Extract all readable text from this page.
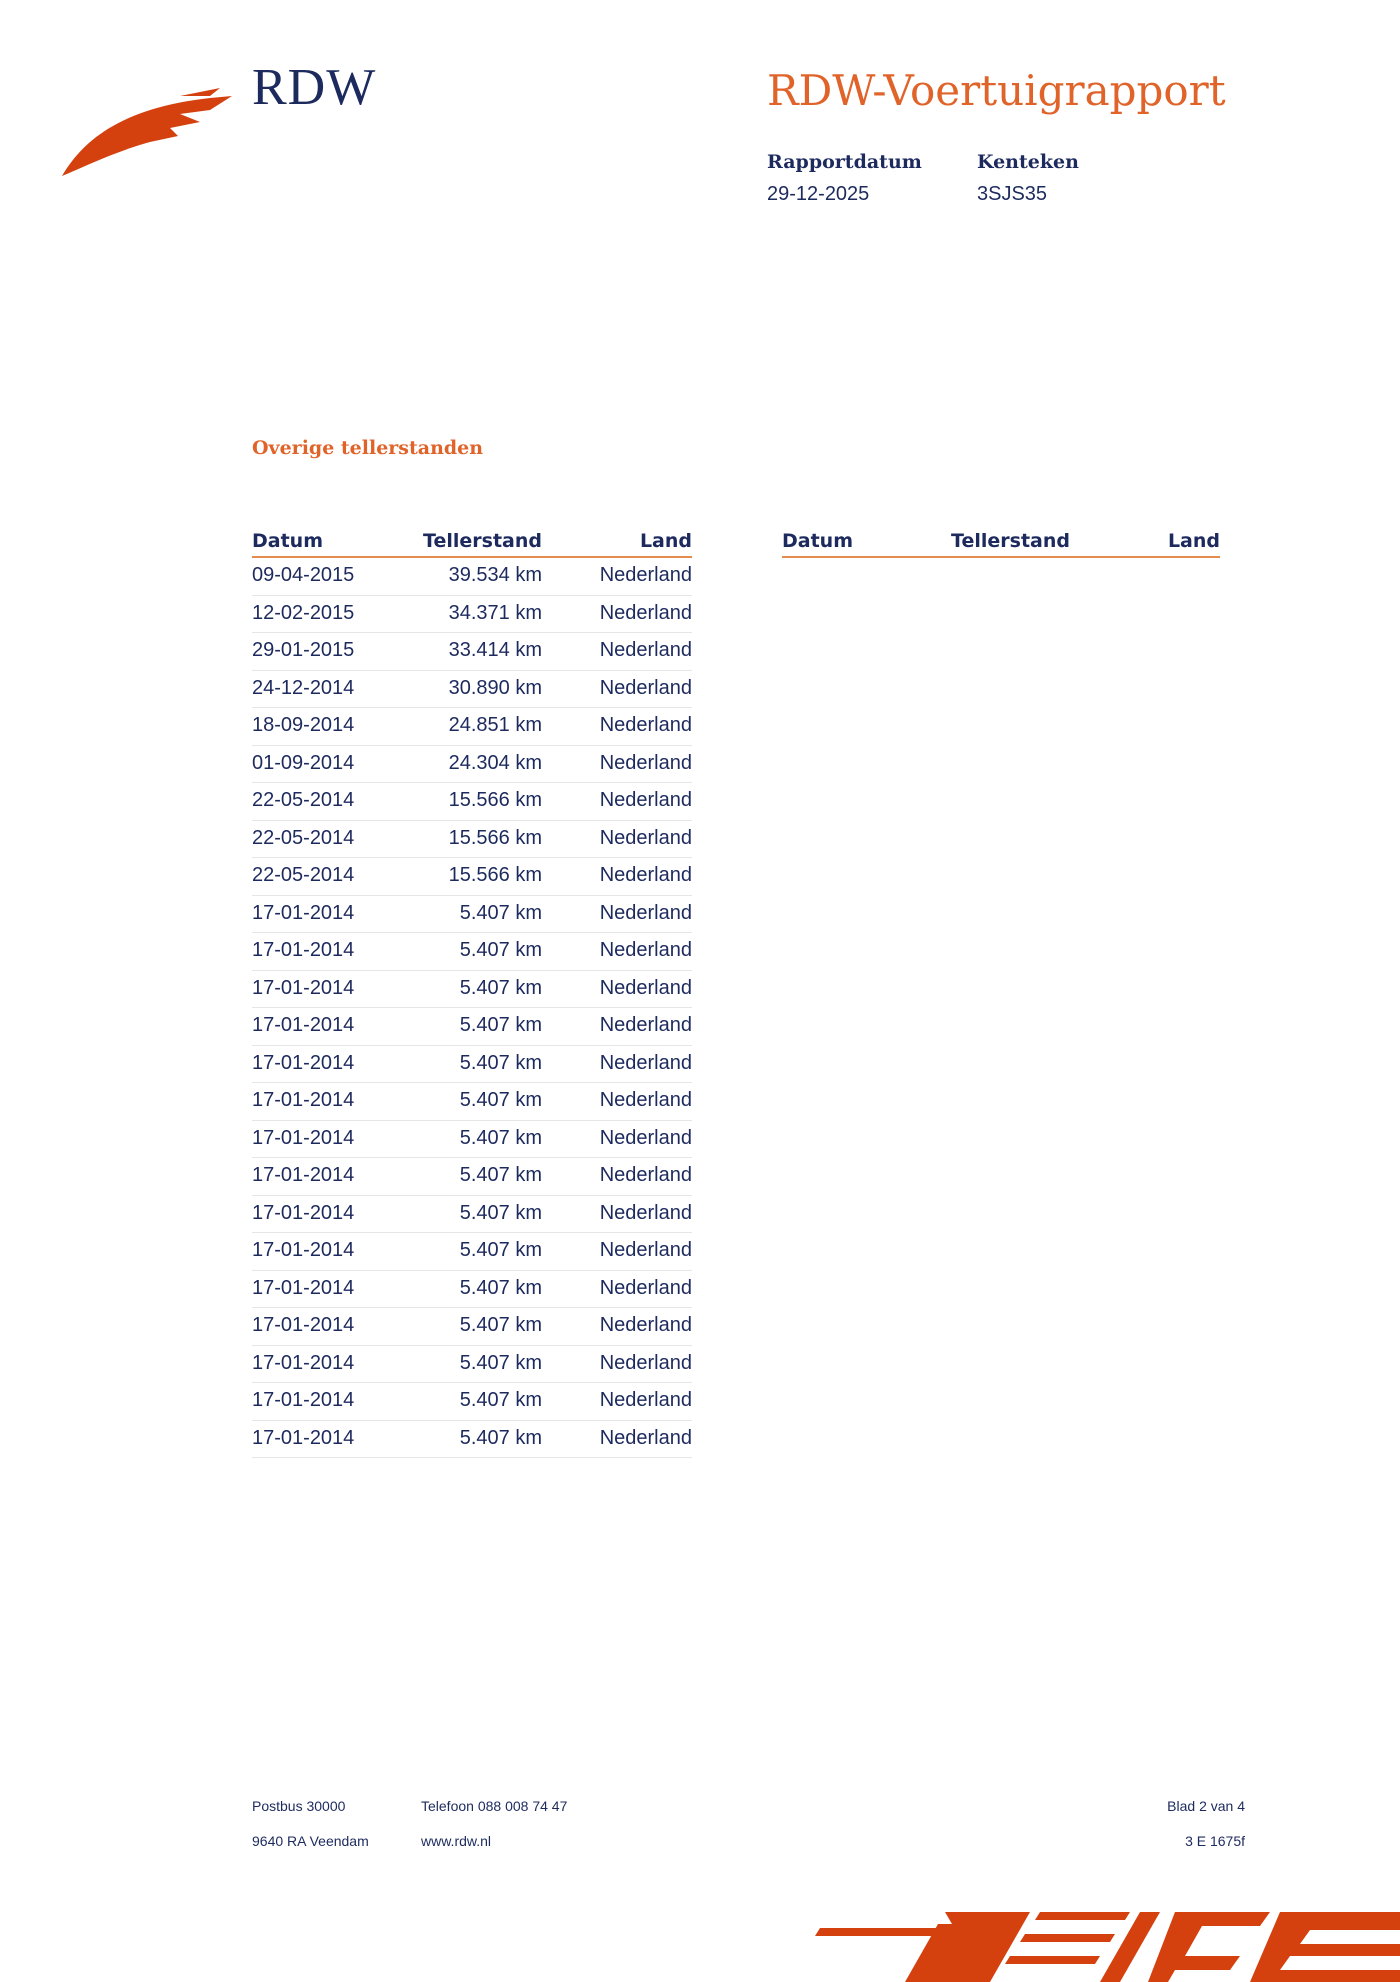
RDW	RDW-Voertuigrapport
Rapportdatum
29-12-2025
Kenteken
3SJS35
Overige tellerstanden
Datum	Tellerstand	Land
09-04-2015	39.534 km	Nederland
12-02-2015	34.371 km	Nederland
29-01-2015	33.414 km	Nederland
24-12-2014	30.890 km	Nederland
18-09-2014	24.851 km	Nederland
01-09-2014	24.304 km	Nederland
22-05-2014	15.566 km	Nederland
22-05-2014	15.566 km	Nederland
22-05-2014	15.566 km	Nederland
17-01-2014	5.407 km	Nederland
17-01-2014	5.407 km	Nederland
17-01-2014	5.407 km	Nederland
17-01-2014	5.407 km	Nederland
17-01-2014	5.407 km	Nederland
17-01-2014	5.407 km	Nederland
17-01-2014	5.407 km	Nederland
17-01-2014	5.407 km	Nederland
17-01-2014	5.407 km	Nederland
17-01-2014	5.407 km	Nederland
17-01-2014	5.407 km	Nederland
17-01-2014	5.407 km	Nederland
17-01-2014	5.407 km	Nederland
17-01-2014	5.407 km	Nederland
17-01-2014	5.407 km	Nederland
Datum	Tellerstand	Land
Postbus 30000
9640 RA Veendam
Telefoon 088 008 74 47
www.rdw.nl
Blad 2 van 4
3 E 1675f
